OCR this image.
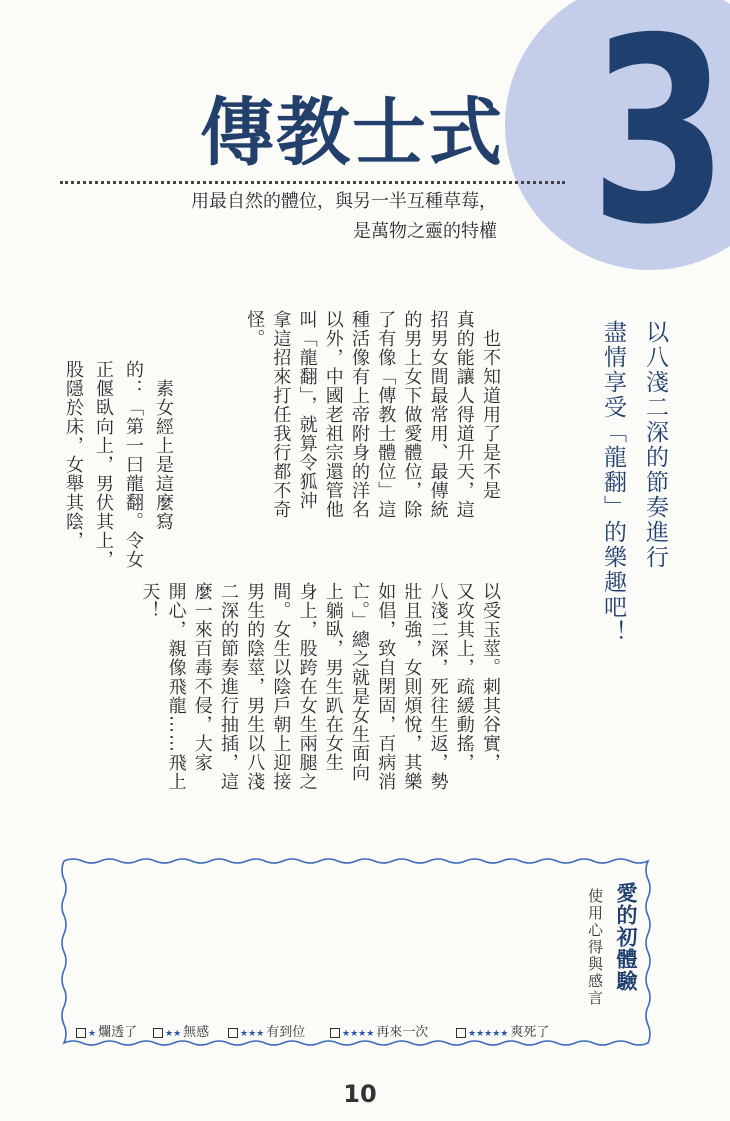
3
傳教士式
用最自然的體位，與另一半互種草莓，
是萬物之靈的特權
以八淺二深的節奏進行
盡情享受「龍翻」的樂趣吧！
　也不知道用了是不是
真的能讓人得道升天，這
招男女間最常用、最傳統
的男上女下做愛體位，除
了有像「傳教士體位」這
種活像有上帝附身的洋名
以外，中國老祖宗還管他
叫「龍翻」，就算令狐沖
拿這招來打任我行都不奇
怪。
　素女經上是這麼寫
的：「第一曰龍翻。令女
正偃臥向上，男伏其上，
股隱於床，女舉其陰，
以受玉莖。刺其谷實，
又攻其上，疏緩動搖，
八淺二深，死往生返，勢
壯且強，女則煩悅，其樂
如倡，致自閉固，百病消
亡。」總之就是女生面向
上躺臥，男生趴在女生
身上，股跨在女生兩腿之
間。女生以陰戶朝上迎接
男生的陰莖，男生以八淺
二深的節奏進行抽插，這
麼一來百毒不侵，大家
開心，親像飛龍……飛上
天！
愛的初體驗
使用心得與感言
★ 爛透了	★★ 無感	★★★ 有到位	★★★★ 再來一次	★★★★★ 爽死了
10
